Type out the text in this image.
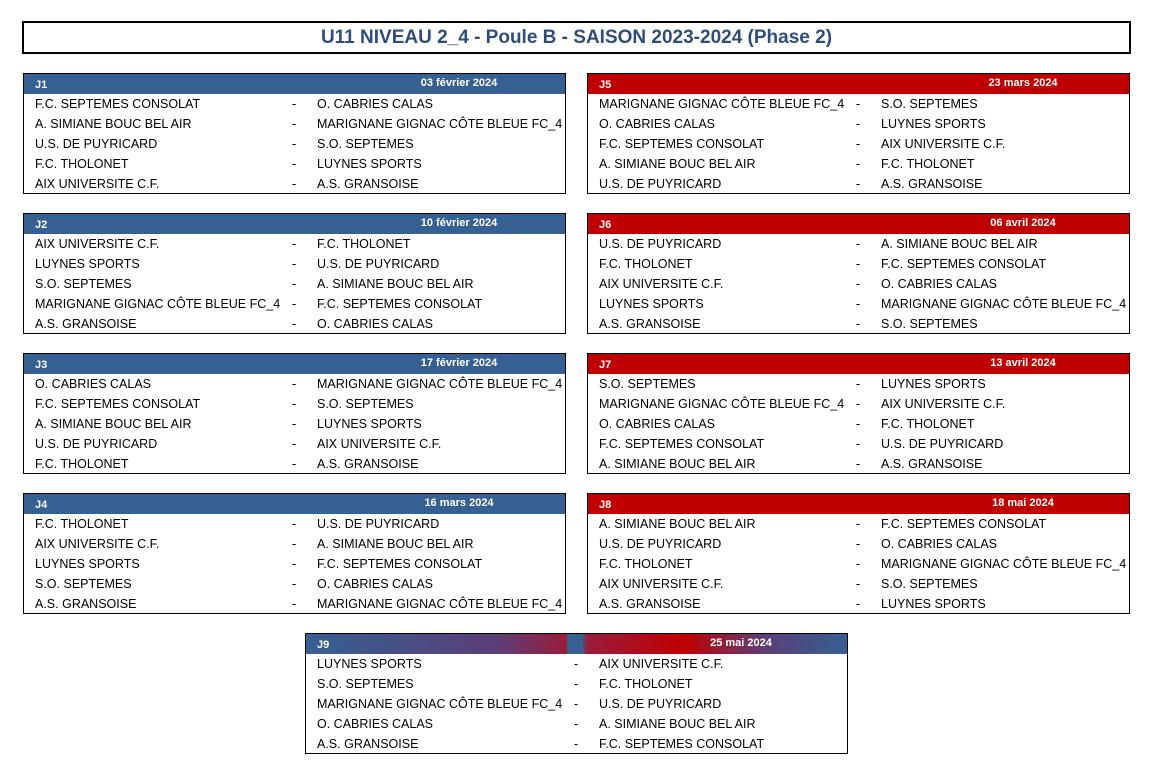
U11 NIVEAU 2_4 - Poule B - SAISON 2023-2024 (Phase 2)
J1	03 février 2024
F.C. SEPTEMES CONSOLAT	- O. CABRIES CALAS
A. SIMIANE BOUC BEL AIR	- MARIGNANE GIGNAC CÔTE BLEUE FC_4
U.S. DE PUYRICARD	- S.O. SEPTEMES
F.C. THOLONET	- LUYNES SPORTS
AIX UNIVERSITE C.F.	- A.S. GRANSOISE
J5	23 mars 2024
MARIGNANE GIGNAC CÔTE BLEUE FC_4 - S.O. SEPTEMES
O. CABRIES CALAS	- LUYNES SPORTS
F.C. SEPTEMES CONSOLAT	- AIX UNIVERSITE C.F.
A. SIMIANE BOUC BEL AIR	- F.C. THOLONET
U.S. DE PUYRICARD	- A.S. GRANSOISE
J2	10 février 2024
AIX UNIVERSITE C.F.	- F.C. THOLONET
LUYNES SPORTS	- U.S. DE PUYRICARD
S.O. SEPTEMES	- A. SIMIANE BOUC BEL AIR
MARIGNANE GIGNAC CÔTE BLEUE FC_4 - F.C. SEPTEMES CONSOLAT
A.S. GRANSOISE	- O. CABRIES CALAS
J6	06 avril 2024
U.S. DE PUYRICARD	- A. SIMIANE BOUC BEL AIR
F.C. THOLONET	- F.C. SEPTEMES CONSOLAT
AIX UNIVERSITE C.F.	- O. CABRIES CALAS
LUYNES SPORTS	- MARIGNANE GIGNAC CÔTE BLEUE FC_4
A.S. GRANSOISE	- S.O. SEPTEMES
J3	17 février 2024
O. CABRIES CALAS	- MARIGNANE GIGNAC CÔTE BLEUE FC_4
F.C. SEPTEMES CONSOLAT	- S.O. SEPTEMES
A. SIMIANE BOUC BEL AIR	- LUYNES SPORTS
U.S. DE PUYRICARD	- AIX UNIVERSITE C.F.
F.C. THOLONET	- A.S. GRANSOISE
J7	13 avril 2024
S.O. SEPTEMES	- LUYNES SPORTS
MARIGNANE GIGNAC CÔTE BLEUE FC_4 - AIX UNIVERSITE C.F.
O. CABRIES CALAS	- F.C. THOLONET
F.C. SEPTEMES CONSOLAT	- U.S. DE PUYRICARD
A. SIMIANE BOUC BEL AIR	- A.S. GRANSOISE
J4	16 mars 2024
F.C. THOLONET	- U.S. DE PUYRICARD
AIX UNIVERSITE C.F.	- A. SIMIANE BOUC BEL AIR
LUYNES SPORTS	- F.C. SEPTEMES CONSOLAT
S.O. SEPTEMES	- O. CABRIES CALAS
A.S. GRANSOISE	- MARIGNANE GIGNAC CÔTE BLEUE FC_4
J8	18 mai 2024
A. SIMIANE BOUC BEL AIR	- F.C. SEPTEMES CONSOLAT
U.S. DE PUYRICARD	- O. CABRIES CALAS
F.C. THOLONET	- MARIGNANE GIGNAC CÔTE BLEUE FC_4
AIX UNIVERSITE C.F.	- S.O. SEPTEMES
A.S. GRANSOISE	- LUYNES SPORTS
J9	25 mai 2024
LUYNES SPORTS	- AIX UNIVERSITE C.F.
S.O. SEPTEMES	- F.C. THOLONET
MARIGNANE GIGNAC CÔTE BLEUE FC_4 - U.S. DE PUYRICARD
O. CABRIES CALAS	- A. SIMIANE BOUC BEL AIR
A.S. GRANSOISE	- F.C. SEPTEMES CONSOLAT
